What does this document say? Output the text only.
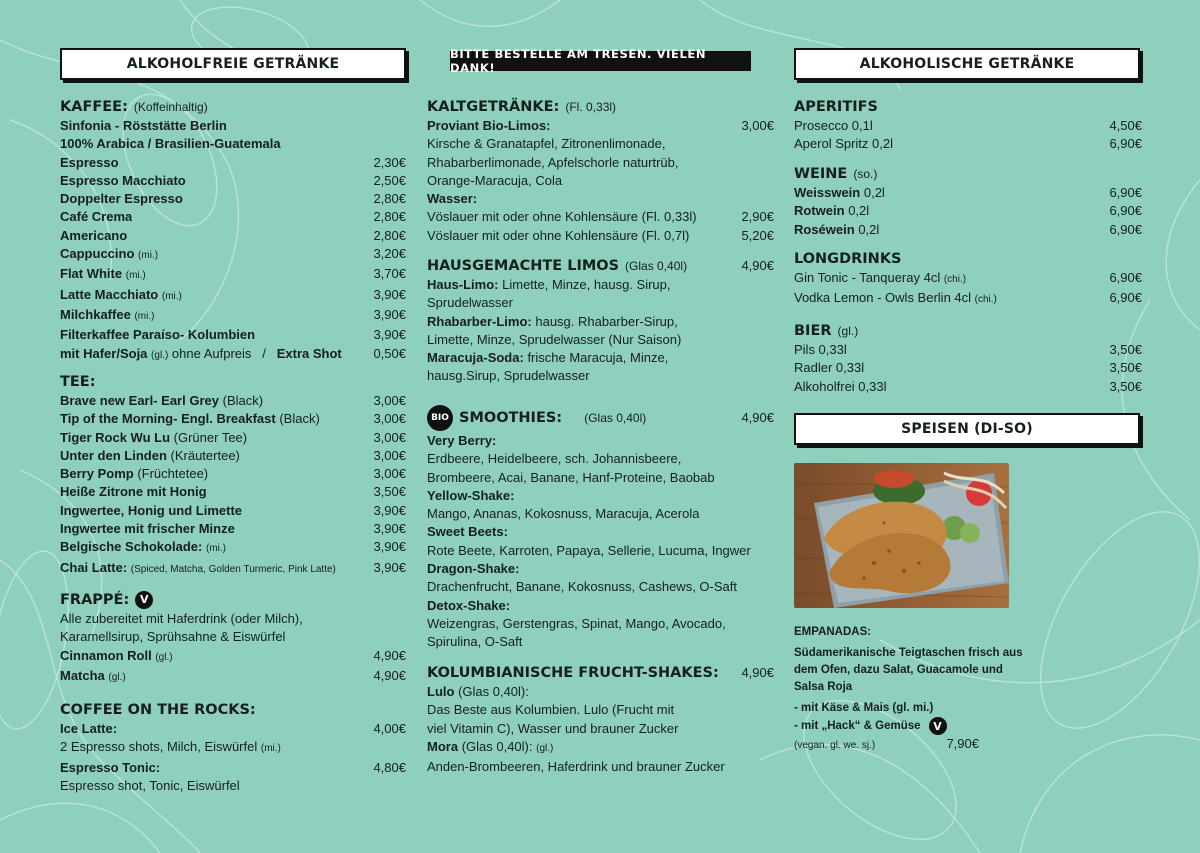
ALKOHOLFREIE GETRÄNKE
KAFFEE: (Koffeinhaltig)
Sinfonia - Röststätte Berlin
100% Arabica / Brasilien-Guatemala
Espresso	2,30€
Espresso Macchiato	2,50€
Doppelter Espresso	2,80€
Café Crema	2,80€
Americano	2,80€
Cappuccino (mi.)	3,20€
Flat White (mi.)	3,70€
Latte Macchiato (mi.)	3,90€
Milchkaffee (mi.)	3,90€
Filterkaffee Paraíso- Kolumbien	3,90€
mit Hafer/Soja (gl.) ohne Aufpreis / Extra Shot 0,50€
TEE:
Brave new Earl- Earl Grey (Black)	3,00€
Tip of the Morning- Engl. Breakfast (Black)	3,00€
Tiger Rock Wu Lu (Grüner Tee)	3,00€
Unter den Linden (Kräutertee)	3,00€
Berry Pomp (Früchtetee)	3,00€
Heiße Zitrone mit Honig	3,50€
Ingwertee, Honig und Limette	3,90€
Ingwertee mit frischer Minze	3,90€
Belgische Schokolade: (mi.)	3,90€
Chai Latte: (Spiced, Matcha, Golden Turmeric, Pink Latte)	3,90€
FRAPPÉ: V
Alle zubereitet mit Haferdrink (oder Milch),
Karamellsirup, Sprühsahne & Eiswürfel
Cinnamon Roll (gl.)	4,90€
Matcha (gl.)	4,90€
COFFEE ON THE ROCKS:
Ice Latte:	4,00€
2 Espresso shots, Milch, Eiswürfel (mi.)
Espresso Tonic:	4,80€
Espresso shot, Tonic, Eiswürfel
BITTE BESTELLE AM TRESEN. VIELEN DANK!
KALTGETRÄNKE: (Fl. 0,33l)
Proviant Bio-Limos:	3,00€
Kirsche & Granatapfel, Zitronenlimonade,
Rhabarberlimonade, Apfelschorle naturtrüb,
Orange-Maracuja, Cola
Wasser:
Vöslauer mit oder ohne Kohlensäure (Fl. 0,33l)	2,90€
Vöslauer mit oder ohne Kohlensäure (Fl. 0,7l)	5,20€
HAUSGEMACHTE LIMOS (Glas 0,40l)	4,90€
Haus-Limo: Limette, Minze, hausg. Sirup,
Sprudelwasser
Rhabarber-Limo: hausg. Rhabarber-Sirup,
Limette, Minze, Sprudelwasser (Nur Saison)
Maracuja-Soda: frische Maracuja, Minze,
hausg.Sirup, Sprudelwasser
BIO SMOOTHIES:
(Glas 0,40l)	4,90€
Very Berry:
Erdbeere, Heidelbeere, sch. Johannisbeere,
Brombeere, Acai, Banane, Hanf-Proteine, Baobab
Yellow-Shake:
Mango, Ananas, Kokosnuss, Maracuja, Acerola
Sweet Beets:
Rote Beete, Karroten, Papaya, Sellerie, Lucuma, Ingwer
Dragon-Shake:
Drachenfrucht, Banane, Kokosnuss, Cashews, O-Saft
Detox-Shake:
Weizengras, Gerstengras, Spinat, Mango, Avocado,
Spirulina, O-Saft
KOLUMBIANISCHE FRUCHT-SHAKES: 4,90€
Lulo (Glas 0,40l):
Das Beste aus Kolumbien. Lulo (Frucht mit
viel Vitamin C), Wasser und brauner Zucker
Mora (Glas 0,40l): (gl.)
Anden-Brombeeren, Haferdrink und brauner Zucker
ALKOHOLISCHE GETRÄNKE
APERITIFS
Prosecco 0,1l	4,50€
Aperol Spritz 0,2l	6,90€
WEINE (so.)
Weisswein 0,2l	6,90€
Rotwein 0,2l	6,90€
Roséwein 0,2l	6,90€
LONGDRINKS
Gin Tonic - Tanqueray 4cl (chi.)	6,90€
Vodka Lemon - Owls Berlin 4cl (chi.)	6,90€
BIER (gl.)
Pils 0,33l	3,50€
Radler 0,33l	3,50€
Alkoholfrei 0,33l	3,50€
SPEISEN (DI-SO)
EMPANADAS:
Südamerikanische Teigtaschen frisch aus
dem Ofen, dazu Salat, Guacamole und
Salsa Roja
- mit Käse & Mais (gl. mi.)
- mit „Hack“ & Gemüse	V
(vegan. gl. we. sj.)	7,90€
